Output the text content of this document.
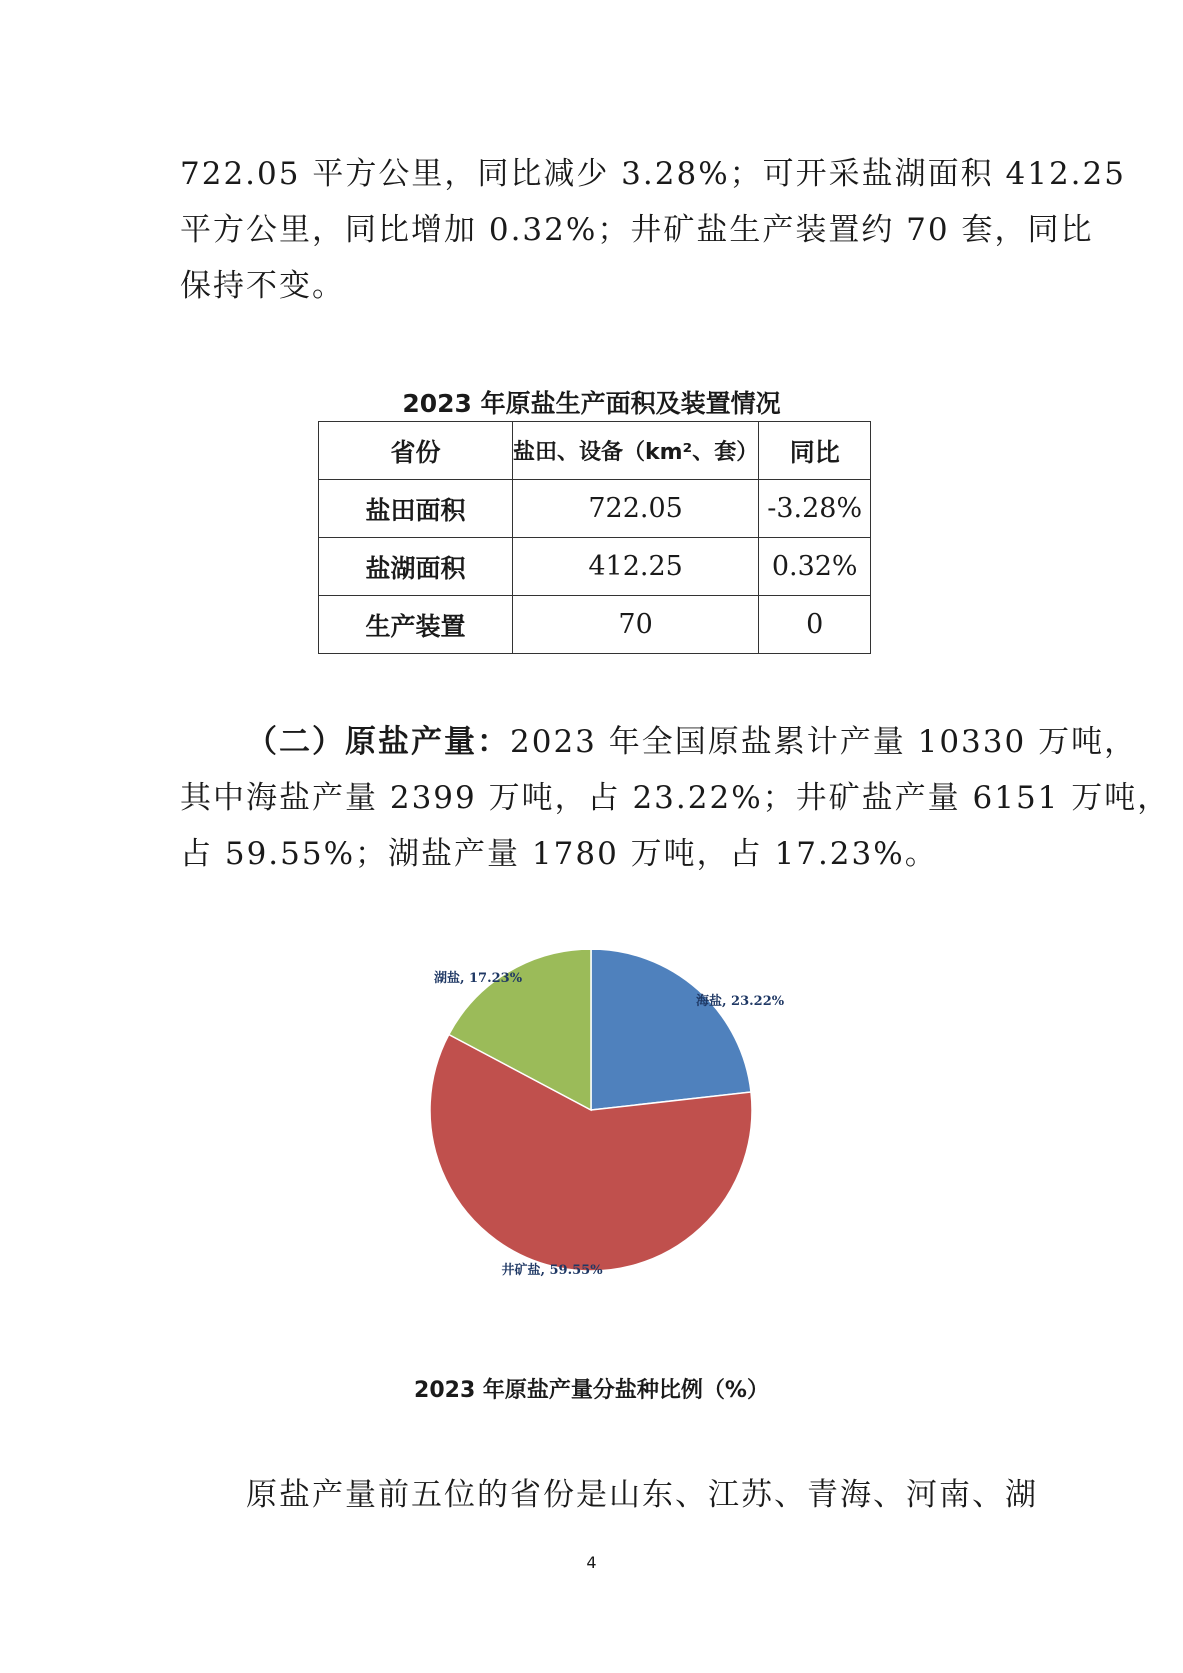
722.05 平方公里，同比减少 3.28%；可开采盐湖面积 412.25
平方公里，同比增加 0.32%；井矿盐生产装置约 70 套，同比
保持不变。
2023 年原盐生产面积及装置情况
省份	盐田、设备（km²、套）	同比
盐田面积	722.05	-3.28%
盐湖面积	412.25	0.32%
生产装置	70	0
（二）原盐产量：2023 年全国原盐累计产量 10330 万吨，
其中海盐产量 2399 万吨，占 23.22%；井矿盐产量 6151 万吨，
占 59.55%；湖盐产量 1780 万吨，占 17.23%。
海盐, 23.22%
井矿盐, 59.55%
湖盐, 17.23%
2023 年原盐产量分盐种比例（%）
原盐产量前五位的省份是山东、江苏、青海、河南、湖
4
